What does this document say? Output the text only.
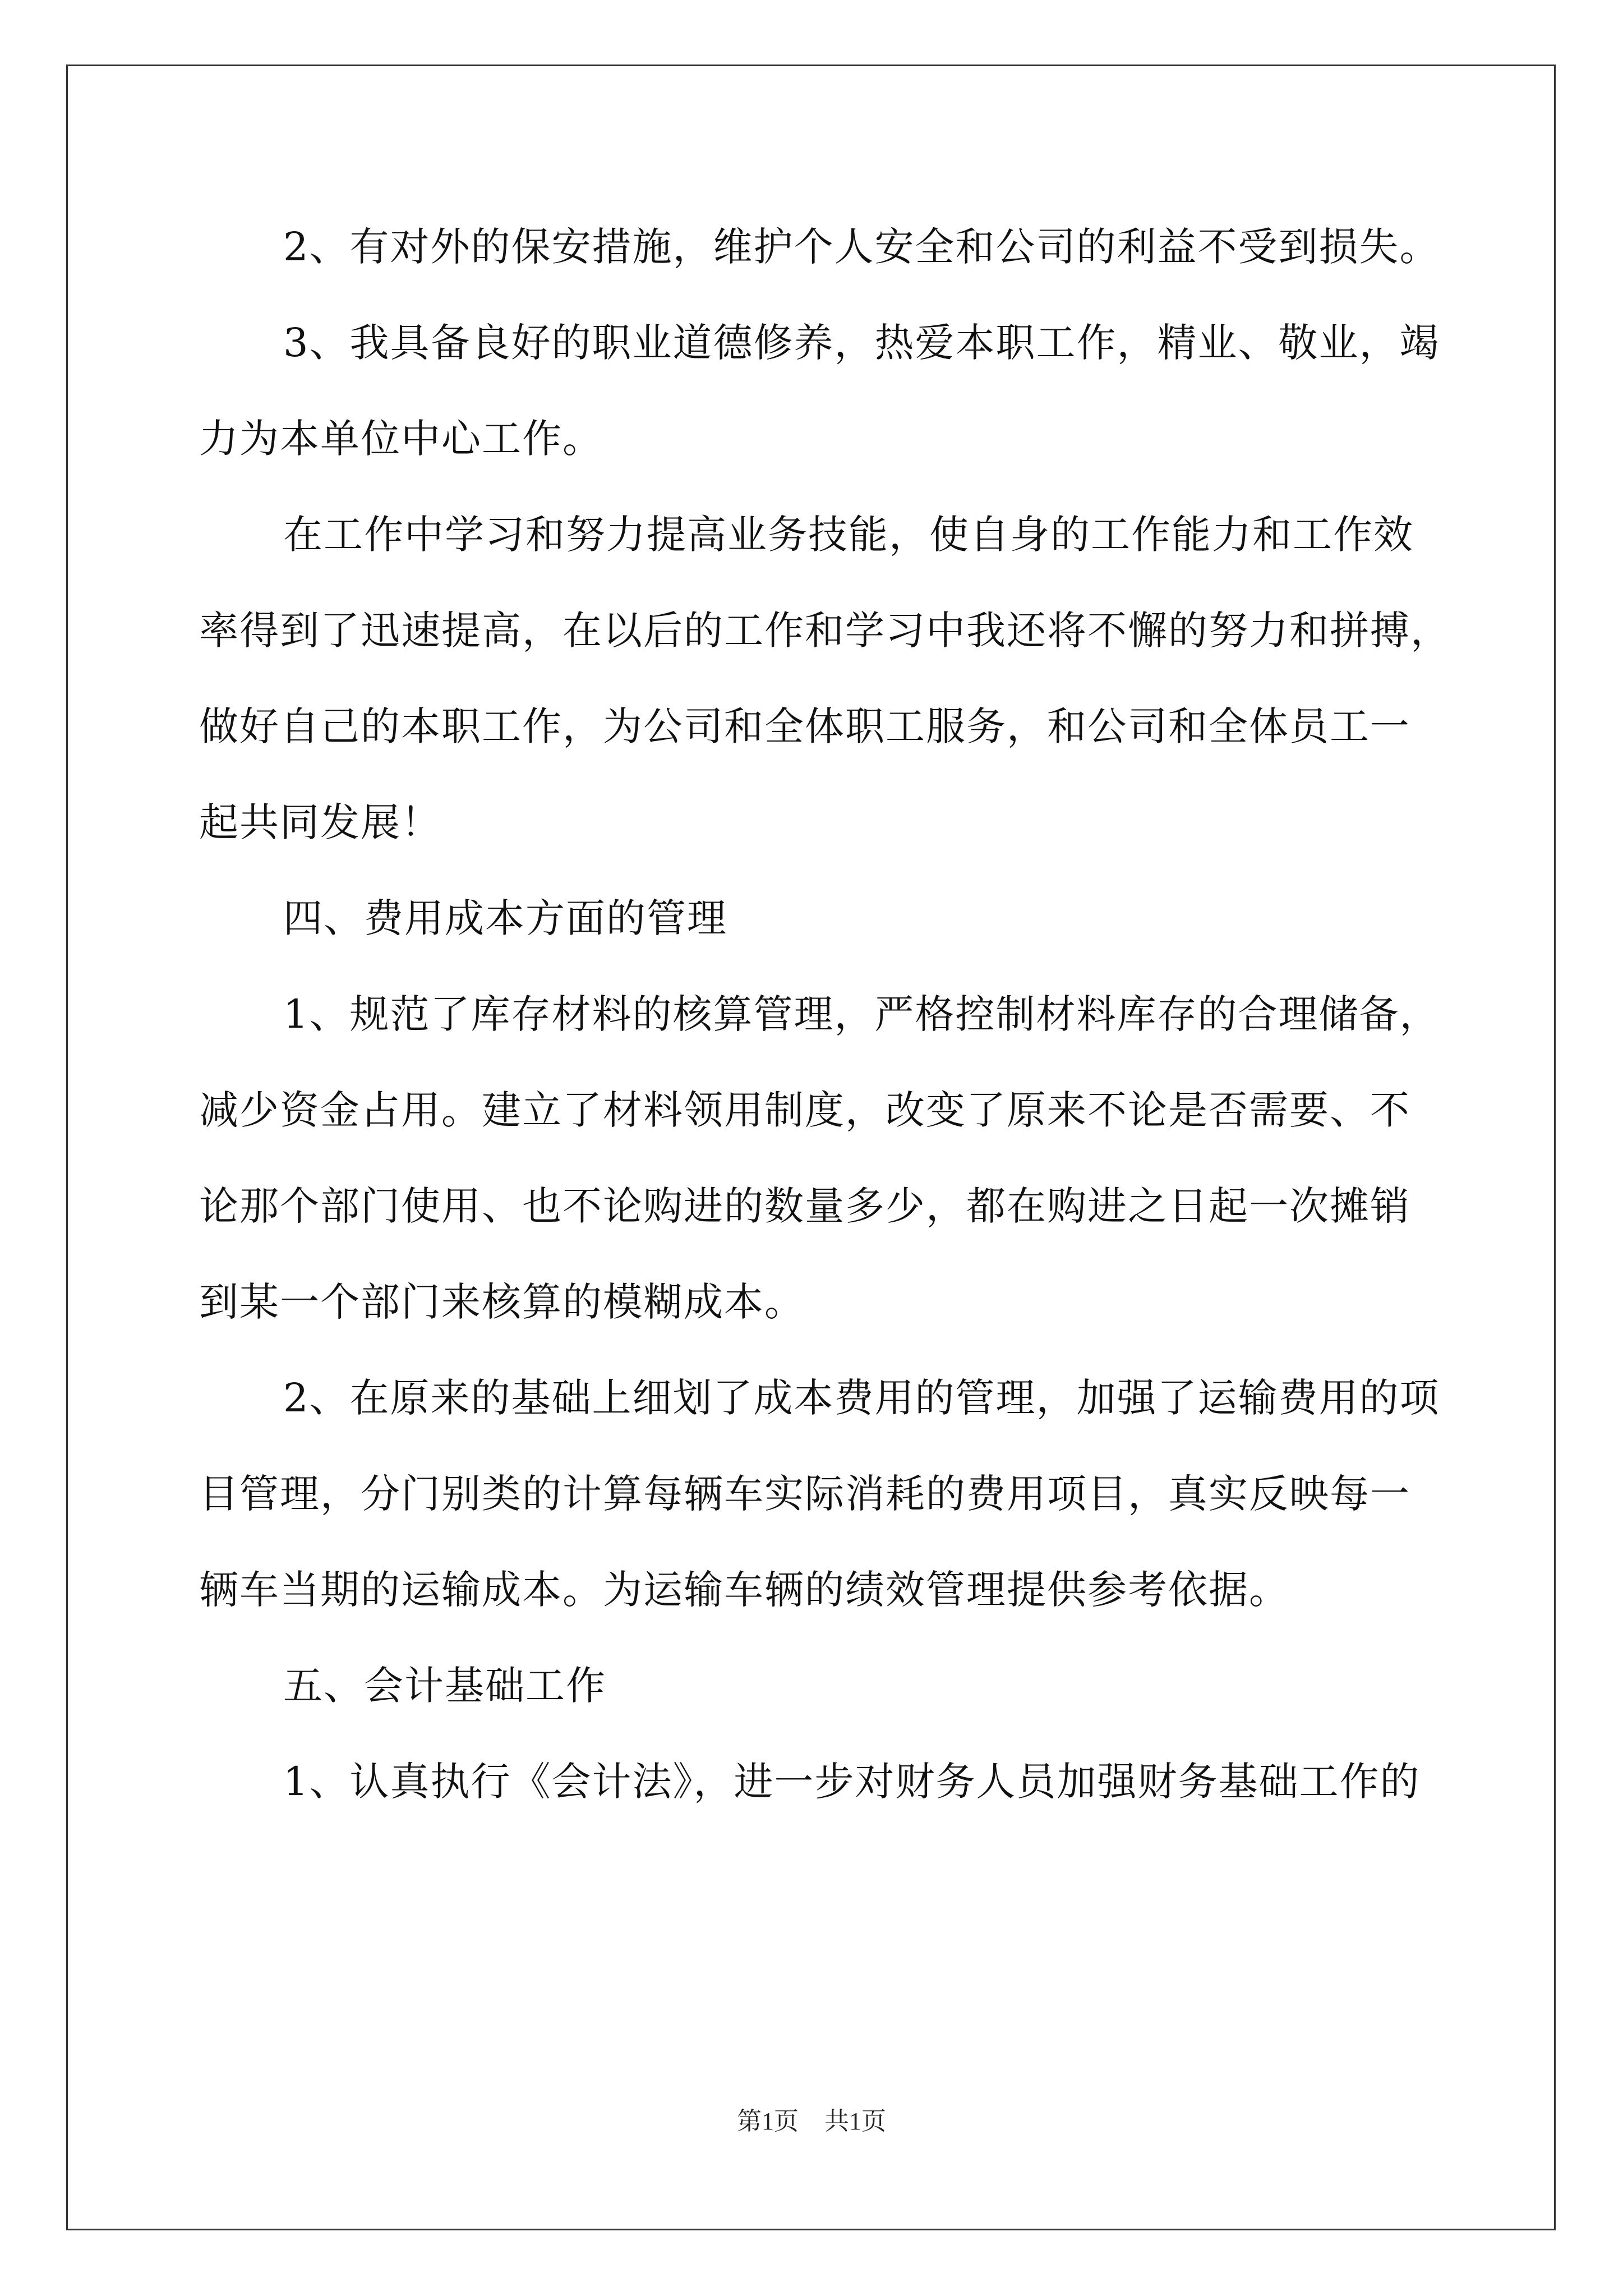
2、有对外的保安措施，维护个人安全和公司的利益不受到损失。
3、我具备良好的职业道德修养，热爱本职工作，精业、敬业，竭
力为本单位中心工作。
在工作中学习和努力提高业务技能，使自身的工作能力和工作效
率得到了迅速提高，在以后的工作和学习中我还将不懈的努力和拼搏，
做好自己的本职工作，为公司和全体职工服务，和公司和全体员工一
起共同发展！
四、费用成本方面的管理
1、规范了库存材料的核算管理，严格控制材料库存的合理储备，
减少资金占用。建立了材料领用制度，改变了原来不论是否需要、不
论那个部门使用、也不论购进的数量多少，都在购进之日起一次摊销
到某一个部门来核算的模糊成本。
2、在原来的基础上细划了成本费用的管理，加强了运输费用的项
目管理，分门别类的计算每辆车实际消耗的费用项目，真实反映每一
辆车当期的运输成本。为运输车辆的绩效管理提供参考依据。
五、会计基础工作
1、认真执行《会计法》，进一步对财务人员加强财务基础工作的
第1页 共1页
